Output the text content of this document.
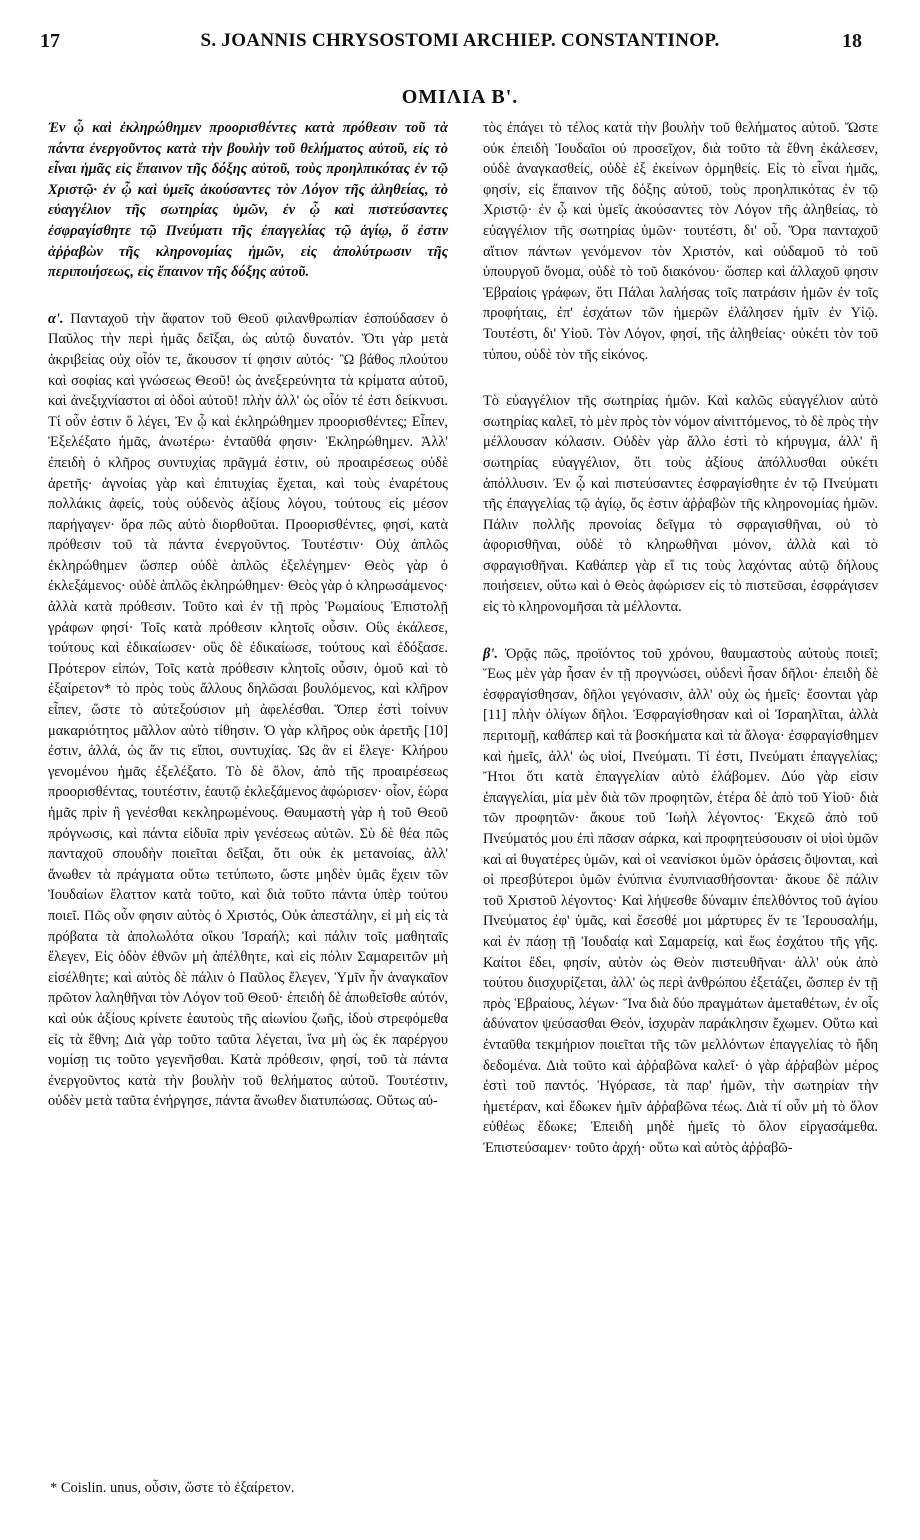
17	S. JOANNIS CHRYSOSTOMI ARCHIEP. CONSTANTINOP.	18
ΟΜΙΛΙΑ Β'.

Ἐν ᾧ καὶ ἐκληρώθημεν προορισθέντες κατὰ πρόθεσιν τοῦ τὰ πάντα ἐνεργοῦντος κατὰ τὴν βουλὴν τοῦ θελήματος αὐτοῦ, εἰς τὸ εἶναι ἡμᾶς εἰς ἔπαινον τῆς δόξης αὐτοῦ, τοὺς προηλπικότας ἐν τῷ Χριστῷ· ἐν ᾧ καὶ ὑμεῖς ἀκούσαντες τὸν Λόγον τῆς ἀληθείας, τὸ εὐαγγέλιον τῆς σωτηρίας ὑμῶν, ἐν ᾧ καὶ πιστεύσαντες ἐσφραγίσθητε τῷ Πνεύματι τῆς ἐπαγγελίας τῷ ἁγίῳ, ὅ ἐστιν ἀῤῥαβὼν τῆς κληρονομίας ἡμῶν, εἰς ἀπολύτρωσιν τῆς περιποιήσεως, εἰς ἔπαινον τῆς δόξης αὐτοῦ.

α'. Πανταχοῦ τὴν ἄφατον τοῦ Θεοῦ φιλανθρωπίαν ἐσπούδασεν ὁ Παῦλος τὴν περὶ ἡμᾶς δεῖξαι, ὡς αὐτῷ δυνατόν. Ὅτι γὰρ μετὰ ἀκριβείας οὐχ οἷόν τε, ἄκουσον τί φησιν αὐτός· Ὢ βάθος πλούτου καὶ σοφίας καὶ γνώσεως Θεοῦ! ὡς ἀνεξερεύνητα τὰ κρίματα αὐτοῦ, καὶ ἀνεξιχνίαστοι αἱ ὁδοὶ αὐτοῦ! πλὴν ἀλλ' ὡς οἷόν τέ ἐστι δείκνυσι. Τί οὖν ἐστιν ὅ λέγει, Ἐν ᾧ καὶ ἐκληρώθημεν προορισθέντες; Εἶπεν, Ἐξελέξατο ἡμᾶς, ἀνωτέρω· ἐνταῦθά φησιν· Ἐκληρώθημεν. Ἀλλ' ἐπειδὴ ὁ κλῆρος συντυχίας πρᾶγμά ἐστιν, οὐ προαιρέσεως οὐδὲ ἀρετῆς· ἀγνοίας γὰρ καὶ ἐπιτυχίας ἔχεται, καὶ τοὺς ἐναρέτους πολλάκις ἀφείς, τοὺς οὐδενὸς ἀξίους λόγου, τούτους εἰς μέσον παρήγαγεν· ὅρα πῶς αὐτὸ διορθοῦται. Προορισθέντες, φησί, κατὰ πρόθεσιν τοῦ τὰ πάντα ἐνεργοῦντος. Τουτέστιν· Οὐχ ἁπλῶς ἐκληρώθημεν ὥσπερ οὐδὲ ἁπλῶς ἐξελέγημεν· Θεὸς γὰρ ὁ ἐκλεξάμενος· οὐδὲ ἁπλῶς ἐκληρώθημεν· Θεὸς γὰρ ὁ κληρωσάμενος· ἀλλὰ κατὰ πρόθεσιν. Τοῦτο καὶ ἐν τῇ πρὸς Ῥωμαίους Ἐπιστολῇ γράφων φησί· Τοῖς κατὰ πρόθεσιν κλητοῖς οὖσιν. Οὓς ἐκάλεσε, τούτους καὶ ἐδικαίωσεν· οὓς δὲ ἐδικαίωσε, τούτους καὶ ἐδόξασε. Πρότερον εἰπών, Τοῖς κατὰ πρόθεσιν κλητοῖς οὖσιν, ὁμοῦ καὶ τὸ ἐξαίρετον* τὸ πρὸς τοὺς ἄλλους δηλῶσαι βουλόμενος, καὶ κλῆρον εἶπεν, ὥστε τὸ αὐτεξούσιον μὴ ἀφελέσθαι. Ὅπερ ἐστὶ τοίνυν μακαριότητος μᾶλλον αὐτὸ τίθησιν. Ὁ γὰρ κλῆρος οὐκ ἀρετῆς [10] ἐστιν, ἀλλά, ὡς ἄν τις εἴποι, συντυχίας. Ὡς ἂν εἰ ἔλεγε· Κλήρου γενομένου ἡμᾶς ἐξελέξατο. Τὸ δὲ ὅλον, ἀπὸ τῆς προαιρέσεως προορισθέντας, τουτέστιν, ἑαυτῷ ἐκλεξάμενος ἀφώρισεν· οἷον, ἑώρα ἡμᾶς πρὶν ἢ γενέσθαι κεκληρωμένους. Θαυμαστὴ γὰρ ἡ τοῦ Θεοῦ πρόγνωσις, καὶ πάντα εἰδυῖα πρὶν γενέσεως αὐτῶν. Σὺ δὲ θέα πῶς πανταχοῦ σπουδὴν ποιεῖται δεῖξαι, ὅτι οὐκ ἐκ μετανοίας, ἀλλ' ἄνωθεν τὰ πράγματα οὕτω τετύπωτο, ὥστε μηδὲν ὑμᾶς ἔχειν τῶν Ἰουδαίων ἔλαττον κατὰ τοῦτο, καὶ διὰ τοῦτο πάντα ὑπὲρ τούτου ποιεῖ. Πῶς οὖν φησιν αὐτὸς ὁ Χριστός, Οὐκ ἀπεστάλην, εἰ μὴ εἰς τὰ πρόβατα τὰ ἀπολωλότα οἴκου Ἰσραήλ; καὶ πάλιν τοῖς μαθηταῖς ἔλεγεν, Εἰς ὁδὸν ἐθνῶν μὴ ἀπέλθητε, καὶ εἰς πόλιν Σαμαρειτῶν μὴ εἰσέλθητε; καὶ αὐτὸς δὲ πάλιν ὁ Παῦλος ἔλεγεν, Ὑμῖν ἦν ἀναγκαῖον πρῶτον λαληθῆναι τὸν Λόγον τοῦ Θεοῦ· ἐπειδὴ δὲ ἀπωθεῖσθε αὐτόν, καὶ οὐκ ἀξίους κρίνετε ἑαυτοὺς τῆς αἰωνίου ζωῆς, ἰδοὺ στρεφόμεθα εἰς τὰ ἔθνη; Διὰ γὰρ τοῦτο ταῦτα λέγεται, ἵνα μὴ ὡς ἐκ παρέργου νομίσῃ τις τοῦτο γεγενῆσθαι. Κατὰ πρόθεσιν, φησί, τοῦ τὰ πάντα ἐνεργοῦντος κατὰ τὴν βουλὴν τοῦ θελήματος αὐτοῦ. Τουτέστιν, οὐδὲν μετὰ ταῦτα ἐνήργησε, πάντα ἄνωθεν διατυπώσας. Οὕτως αὐ-

τὸς ἐπάγει τὸ τέλος κατὰ τὴν βουλὴν τοῦ θελήματος αὐτοῦ. Ὥστε οὐκ ἐπειδὴ Ἰουδαῖοι οὐ προσεῖχον, διὰ τοῦτο τὰ ἔθνη ἐκάλεσεν, οὐδὲ ἀναγκασθείς, οὐδὲ ἐξ ἐκείνων ὁρμηθείς. Εἰς τὸ εἶναι ἡμᾶς, φησίν, εἰς ἔπαινον τῆς δόξης αὐτοῦ, τοὺς προηλπικότας ἐν τῷ Χριστῷ· ἐν ᾧ καὶ ὑμεῖς ἀκούσαντες τὸν Λόγον τῆς ἀληθείας, τὸ εὐαγγέλιον τῆς σωτηρίας ὑμῶν· τουτέστι, δι' οὗ. Ὅρα πανταχοῦ αἴτιον πάντων γενόμενον τὸν Χριστόν, καὶ οὐδαμοῦ τὸ τοῦ ὑπουργοῦ ὄνομα, οὐδὲ τὸ τοῦ διακόνου· ὥσπερ καὶ ἀλλαχοῦ φησιν Ἑβραίοις γράφων, ὅτι Πάλαι λαλήσας τοῖς πατράσιν ἡμῶν ἐν τοῖς προφήταις, ἐπ' ἐσχάτων τῶν ἡμερῶν ἐλάλησεν ἡμῖν ἐν Υἱῷ. Τουτέστι, δι' Υἱοῦ. Τὸν Λόγον, φησί, τῆς ἀληθείας· οὐκέτι τὸν τοῦ τύπου, οὐδὲ τὸν τῆς εἰκόνος.

Τὸ εὐαγγέλιον τῆς σωτηρίας ἡμῶν. Καὶ καλῶς εὐαγγέλιον αὐτὸ σωτηρίας καλεῖ, τὸ μὲν πρὸς τὸν νόμον αἰνιττόμενος, τὸ δὲ πρὸς τὴν μέλλουσαν κόλασιν. Οὐδὲν γὰρ ἄλλο ἐστὶ τὸ κήρυγμα, ἀλλ' ἢ σωτηρίας εὐαγγέλιον, ὅτι τοὺς ἀξίους ἀπόλλυσθαι οὐκέτι ἀπόλλυσιν. Ἐν ᾧ καὶ πιστεύσαντες ἐσφραγίσθητε ἐν τῷ Πνεύματι τῆς ἐπαγγελίας τῷ ἁγίῳ, ὅς ἐστιν ἀῤῥαβὼν τῆς κληρονομίας ἡμῶν. Πάλιν πολλῆς προνοίας δεῖγμα τὸ σφραγισθῆναι, οὐ τὸ ἀφορισθῆναι, οὐδὲ τὸ κληρωθῆναι μόνον, ἀλλὰ καὶ τὸ σφραγισθῆναι. Καθάπερ γὰρ εἴ τις τοὺς λαχόντας αὐτῷ δήλους ποιήσειεν, οὕτω καὶ ὁ Θεὸς ἀφώρισεν εἰς τὸ πιστεῦσαι, ἐσφράγισεν εἰς τὸ κληρονομῆσαι τὰ μέλλοντα.

β'. Ὁρᾷς πῶς, προϊόντος τοῦ χρόνου, θαυμαστοὺς αὐτοὺς ποιεῖ; Ἕως μὲν γὰρ ἦσαν ἐν τῇ προγνώσει, οὐδενὶ ἦσαν δῆλοι· ἐπειδὴ δὲ ἐσφραγίσθησαν, δῆλοι γεγόνασιν, ἀλλ' οὐχ ὡς ἡμεῖς· ἔσονται γὰρ [11] πλὴν ὀλίγων δῆλοι. Ἐσφραγίσθησαν καὶ οἱ Ἰσραηλῖται, ἀλλὰ περιτομῇ, καθάπερ καὶ τὰ βοσκήματα καὶ τὰ ἄλογα· ἐσφραγίσθημεν καὶ ἡμεῖς, ἀλλ' ὡς υἱοί, Πνεύματι. Τί ἐστι, Πνεύματι ἐπαγγελίας; Ἤτοι ὅτι κατὰ ἐπαγγελίαν αὐτὸ ἐλάβομεν. Δύο γὰρ εἰσιν ἐπαγγελίαι, μία μὲν διὰ τῶν προφητῶν, ἑτέρα δὲ ἀπὸ τοῦ Υἱοῦ· διὰ τῶν προφητῶν· ἄκουε τοῦ Ἰωὴλ λέγοντος· Ἐκχεῶ ἀπὸ τοῦ Πνεύματός μου ἐπὶ πᾶσαν σάρκα, καὶ προφητεύσουσιν οἱ υἱοὶ ὑμῶν καὶ αἱ θυγατέρες ὑμῶν, καὶ οἱ νεανίσκοι ὑμῶν ὁράσεις ὄψονται, καὶ οἱ πρεσβύτεροι ὑμῶν ἐνύπνια ἐνυπνιασθήσονται· ἄκουε δὲ πάλιν τοῦ Χριστοῦ λέγοντος· Καὶ λήψεσθε δύναμιν ἐπελθόντος τοῦ ἁγίου Πνεύματος ἐφ' ὑμᾶς, καὶ ἔσεσθέ μοι μάρτυρες ἔν τε Ἱερουσαλήμ, καὶ ἐν πάσῃ τῇ Ἰουδαίᾳ καὶ Σαμαρείᾳ, καὶ ἕως ἐσχάτου τῆς γῆς. Καίτοι ἔδει, φησίν, αὐτὸν ὡς Θεὸν πιστευθῆναι· ἀλλ' οὐκ ἀπὸ τούτου διισχυρίζεται, ἀλλ' ὡς περὶ ἀνθρώπου ἐξετάζει, ὥσπερ ἐν τῇ πρὸς Ἑβραίους, λέγων· Ἵνα διὰ δύο πραγμάτων ἀμεταθέτων, ἐν οἷς ἀδύνατον ψεύσασθαι Θεόν, ἰσχυρὰν παράκλησιν ἔχωμεν. Οὕτω καὶ ἐνταῦθα τεκμήριον ποιεῖται τῆς τῶν μελλόντων ἐπαγγελίας τὸ ἤδη δεδομένα. Διὰ τοῦτο καὶ ἀῤῥαβῶνα καλεῖ· ὁ γὰρ ἀῤῥαβὼν μέρος ἐστὶ τοῦ παντός. Ἠγόρασε, τὰ παρ' ἡμῶν, τὴν σωτηρίαν τὴν ἡμετέραν, καὶ ἔδωκεν ἡμῖν ἀῤῥαβῶνα τέως. Διὰ τί οὖν μὴ τὸ ὅλον εὐθέως ἔδωκε; Ἐπειδὴ μηδὲ ἡμεῖς τὸ ὅλον εἰργασάμεθα. Ἐπιστεύσαμεν· τοῦτο ἀρχή· οὕτω καὶ αὐτὸς ἀῤῥαβῶ-

* Coislin. unus, οὖσιν, ὥστε τὸ ἐξαίρετον.
